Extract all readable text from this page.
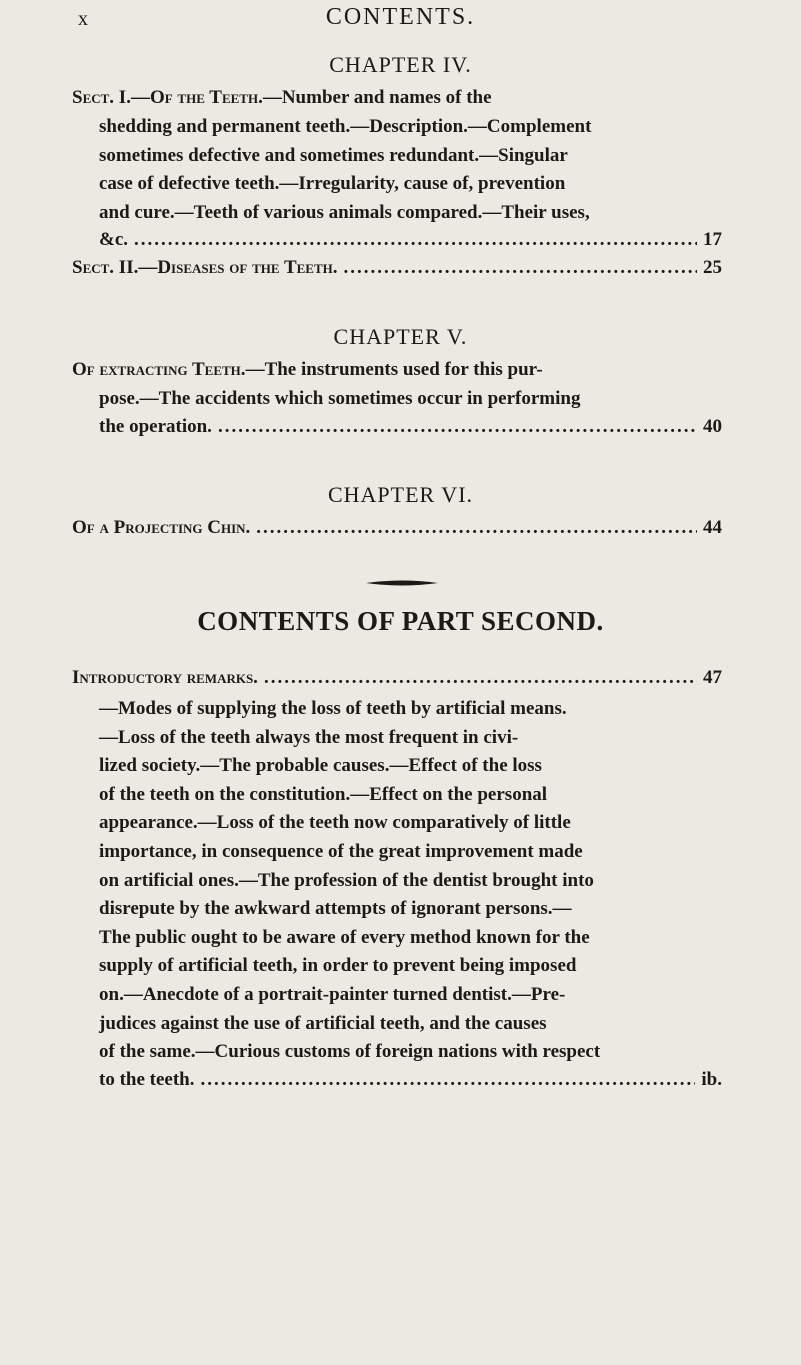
x	CONTENTS.
CHAPTER IV.
Sect. I.—Of the Teeth. —Number and names of the
shedding and permanent teeth.—Description.—Complement
sometimes defective and sometimes redundant.—Singular
case of defective teeth.—Irregularity, cause of, prevention
and cure.—Teeth of various animals compared.—Their uses,
&c. .....	17
Sect. II.—Diseases of the Teeth. .....	25
CHAPTER V.
Of extracting Teeth. —The instruments used for this pur-
pose.—The accidents which sometimes occur in performing
the operation. .....	40
CHAPTER VI.
Of a Projecting Chin. .....	44
CONTENTS OF PART SECOND.
Introductory remarks. .....	47
—Modes of supplying the loss of teeth by artificial means.
—Loss of the teeth always the most frequent in civi-
lized society.—The probable causes.—Effect of the loss
of the teeth on the constitution.—Effect on the personal
appearance.—Loss of the teeth now comparatively of little
importance, in consequence of the great improvement made
on artificial ones.—The profession of the dentist brought into
disrepute by the awkward attempts of ignorant persons.—
The public ought to be aware of every method known for the
supply of artificial teeth, in order to prevent being imposed
on.—Anecdote of a portrait-painter turned dentist.—Pre-
judices against the use of artificial teeth, and the causes
of the same.—Curious customs of foreign nations with respect
to the teeth. .....	ib.
